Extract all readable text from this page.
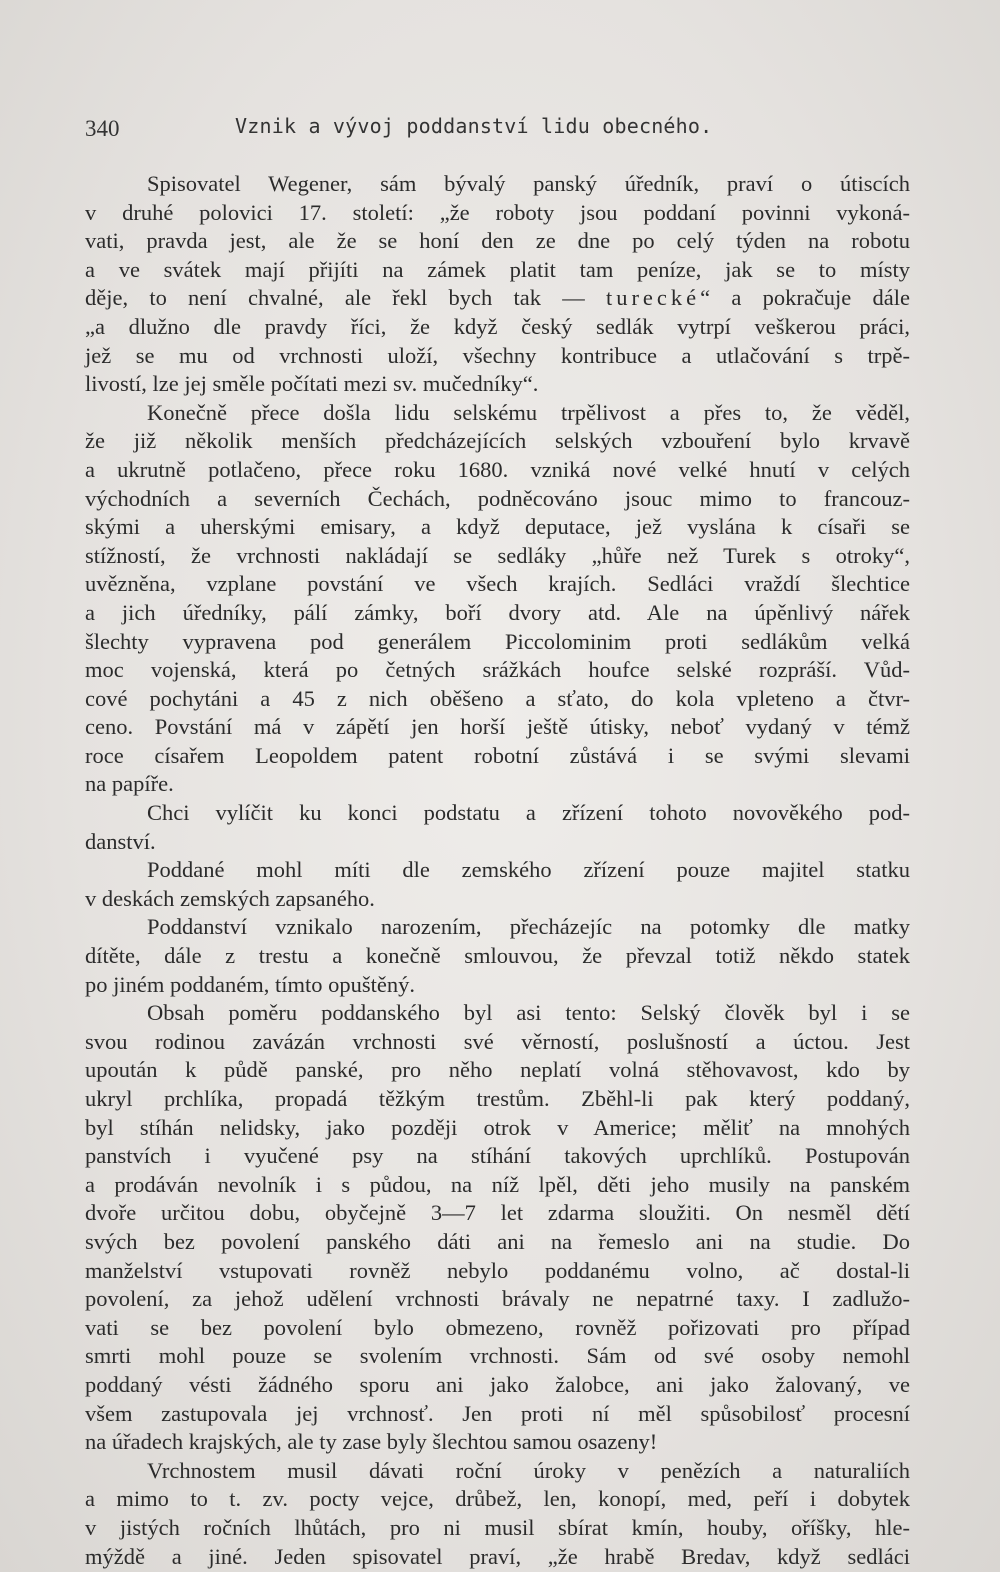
340	Vznik a vývoj poddanství lidu obecného.
Spisovatel Wegener, sám bývalý panský úředník, praví o útiscích
v druhé polovici 17. století: „že roboty jsou poddaní povinni vykoná-
vati, pravda jest, ale že se honí den ze dne po celý týden na robotu
a ve svátek mají přijíti na zámek platit tam peníze, jak se to místy
děje, to není chvalné, ale řekl bych tak — turecké“ a pokračuje dále
„a dlužno dle pravdy říci, že když český sedlák vytrpí veškerou práci,
jež se mu od vrchnosti uloží, všechny kontribuce a utlačování s trpě-
livostí, lze jej směle počítati mezi sv. mučedníky“.
Konečně přece došla lidu selskému trpělivost a přes to, že věděl,
že již několik menších předcházejících selských vzbouření bylo krvavě
a ukrutně potlačeno, přece roku 1680. vzniká nové velké hnutí v celých
východních a severních Čechách, podněcováno jsouc mimo to francouz-
skými a uherskými emisary, a když deputace, jež vyslána k císaři se
stížností, že vrchnosti nakládají se sedláky „hůře než Turek s otroky“,
uvězněna, vzplane povstání ve všech krajích. Sedláci vraždí šlechtice
a jich úředníky, pálí zámky, boří dvory atd. Ale na úpěnlivý nářek
šlechty vypravena pod generálem Piccolominim proti sedlákům velká
moc vojenská, která po četných srážkách houfce selské rozpráší. Vůd-
cové pochytáni a 45 z nich oběšeno a sťato, do kola vpleteno a čtvr-
ceno. Povstání má v zápětí jen horší ještě útisky, neboť vydaný v témž
roce císařem Leopoldem patent robotní zůstává i se svými slevami
na papíře.
Chci vylíčit ku konci podstatu a zřízení tohoto novověkého pod-
danství.
Poddané mohl míti dle zemského zřízení pouze majitel statku
v deskách zemských zapsaného.
Poddanství vznikalo narozením, přecházejíc na potomky dle matky
dítěte, dále z trestu a konečně smlouvou, že převzal totiž někdo statek
po jiném poddaném, tímto opuštěný.
Obsah poměru poddanského byl asi tento: Selský člověk byl i se
svou rodinou zavázán vrchnosti své věrností, poslušností a úctou. Jest
upoután k půdě panské, pro něho neplatí volná stěhovavost, kdo by
ukryl prchlíka, propadá těžkým trestům. Zběhl-li pak který poddaný,
byl stíhán nelidsky, jako později otrok v Americe; měliť na mnohých
panstvích i vyučené psy na stíhání takových uprchlíků. Postupován
a prodáván nevolník i s půdou, na níž lpěl, děti jeho musily na panském
dvoře určitou dobu, obyčejně 3—7 let zdarma sloužiti. On nesměl dětí
svých bez povolení panského dáti ani na řemeslo ani na studie. Do
manželství vstupovati rovněž nebylo poddanému volno, ač dostal-li
povolení, za jehož udělení vrchnosti brávaly ne nepatrné taxy. I zadlužo-
vati se bez povolení bylo obmezeno, rovněž pořizovati pro případ
smrti mohl pouze se svolením vrchnosti. Sám od své osoby nemohl
poddaný vésti žádného sporu ani jako žalobce, ani jako žalovaný, ve
všem zastupovala jej vrchnosť. Jen proti ní měl spůsobilosť procesní
na úřadech krajských, ale ty zase byly šlechtou samou osazeny!
Vrchnostem musil dávati roční úroky v penězích a naturaliích
a mimo to t. zv. pocty vejce, drůbež, len, konopí, med, peří i dobytek
v jistých ročních lhůtách, pro ni musil sbírat kmín, houby, oříšky, hle-
mýždě a jiné. Jeden spisovatel praví, „že hrabě Bredav, když sedláci
